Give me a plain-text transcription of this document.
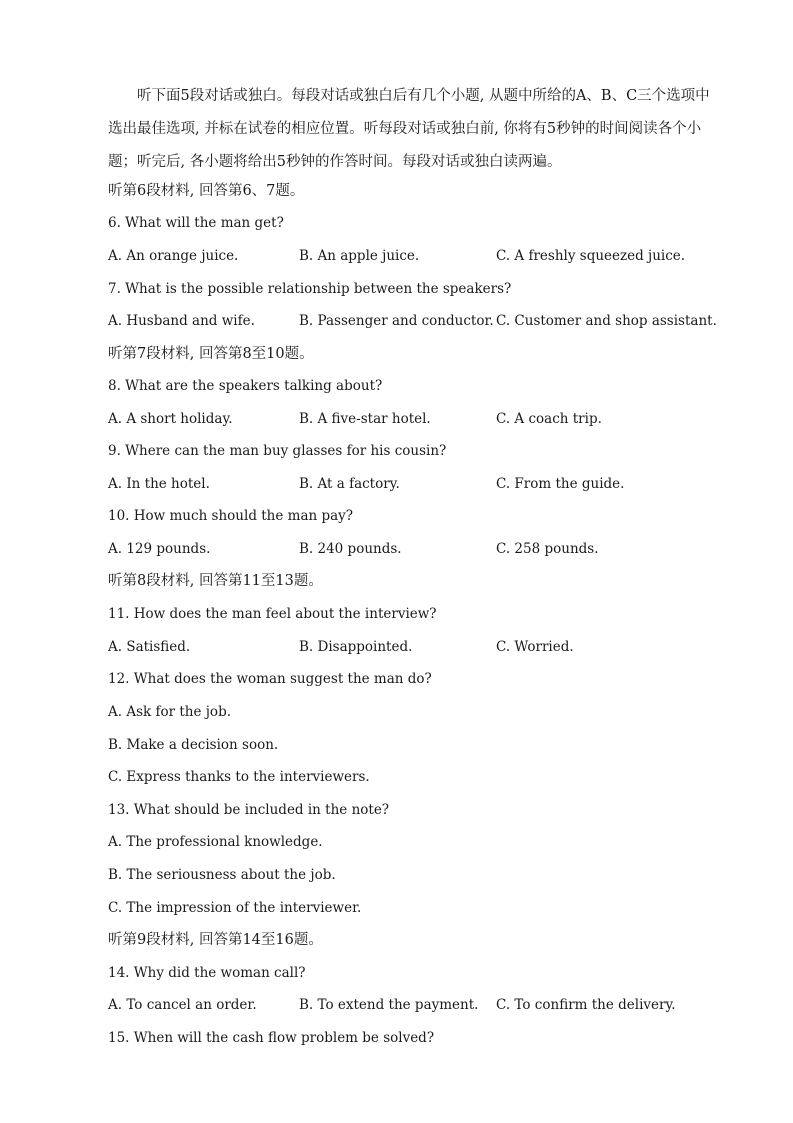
  听下面5段对话或独白。每段对话或独白后有几个小题, 从题中所给的A、B、C三个选项中选出最佳选项, 并标在试卷的相应位置。听每段对话或独白前, 你将有5秒钟的时间阅读各个小题；听完后, 各小题将给出5秒钟的作答时间。每段对话或独白读两遍。
听第6段材料, 回答第6、7题。
6. What will the man get?
A. An orange juice.	B. An apple juice.	C. A freshly squeezed juice.
7. What is the possible relationship between the speakers?
A. Husband and wife.	B. Passenger and conductor. C. Customer and shop assistant.
听第7段材料, 回答第8至10题。
8. What are the speakers talking about?
A. A short holiday.	B. A five-star hotel.	C. A coach trip.
9. Where can the man buy glasses for his cousin?
A. In the hotel.	B. At a factory.	C. From the guide.
10. How much should the man pay?
A. 129 pounds.	B. 240 pounds.	C. 258 pounds.
听第8段材料, 回答第11至13题。
11. How does the man feel about the interview?
A. Satisfied.	B. Disappointed.	C. Worried.
12. What does the woman suggest the man do?
A. Ask for the job.
B. Make a decision soon.
C. Express thanks to the interviewers.
13. What should be included in the note?
A. The professional knowledge.
B. The seriousness about the job.
C. The impression of the interviewer.
听第9段材料, 回答第14至16题。
14. Why did the woman call?
A. To cancel an order.	B. To extend the payment. C. To confirm the delivery.
15. When will the cash flow problem be solved?
